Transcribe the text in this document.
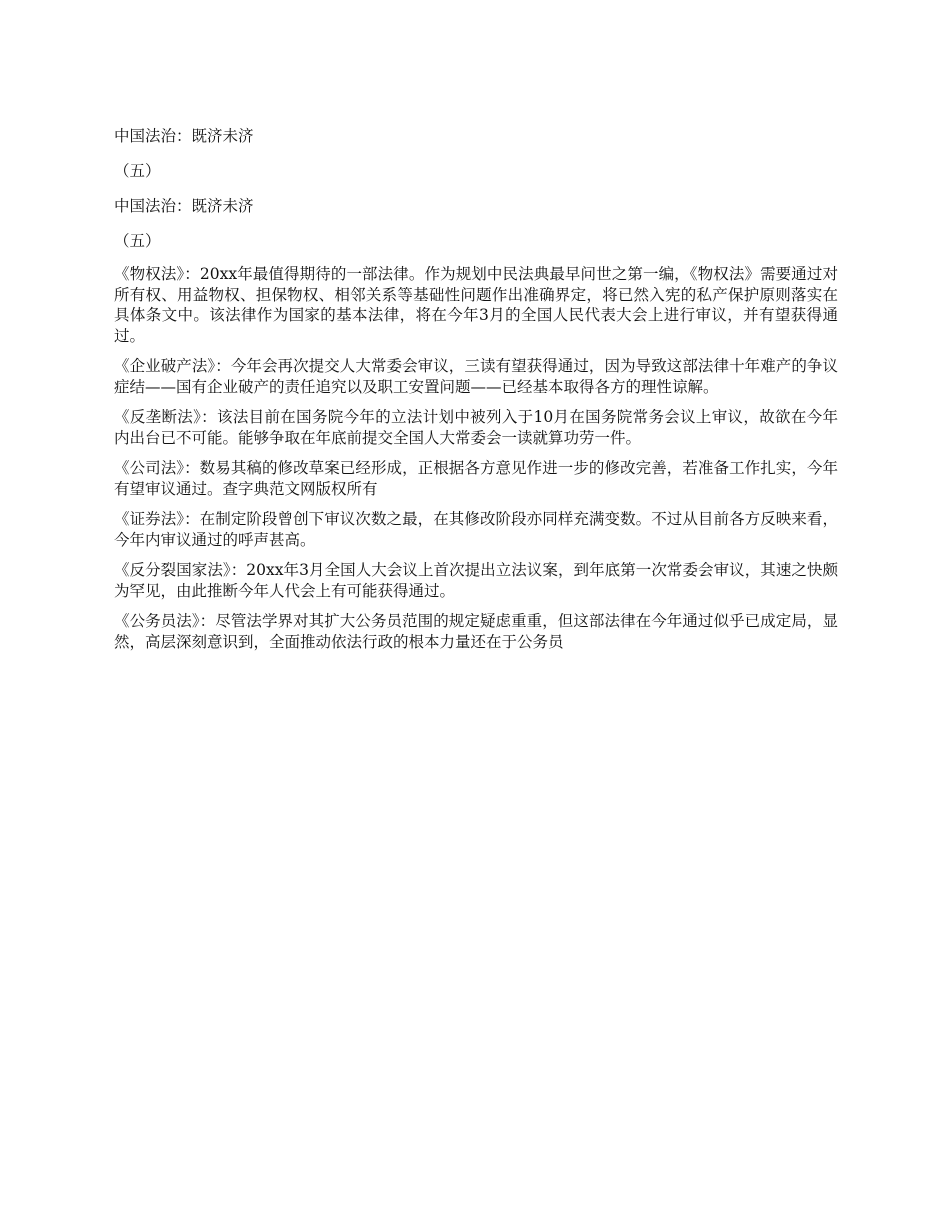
中国法治：既济未济

（五）

中国法治：既济未济

（五）

《物权法》：20xx年最值得期待的一部法律。作为规划中民法典最早问世之第一编，《物权法》需要通过对所有权、用益物权、担保物权、相邻关系等基础性问题作出准确界定，将已然入宪的私产保护原则落实在具体条文中。该法律作为国家的基本法律，将在今年3月的全国人民代表大会上进行审议，并有望获得通过。

《企业破产法》：今年会再次提交人大常委会审议，三读有望获得通过，因为导致这部法律十年难产的争议症结——国有企业破产的责任追究以及职工安置问题——已经基本取得各方的理性谅解。

《反垄断法》：该法目前在国务院今年的立法计划中被列入于10月在国务院常务会议上审议，故欲在今年内出台已不可能。能够争取在年底前提交全国人大常委会一读就算功劳一件。

《公司法》：数易其稿的修改草案已经形成，正根据各方意见作进一步的修改完善，若准备工作扎实，今年有望审议通过。查字典范文网版权所有

《证券法》：在制定阶段曾创下审议次数之最，在其修改阶段亦同样充满变数。不过从目前各方反映来看，今年内审议通过的呼声甚高。

《反分裂国家法》：20xx年3月全国人大会议上首次提出立法议案，到年底第一次常委会审议，其速之快颇为罕见，由此推断今年人代会上有可能获得通过。

《公务员法》：尽管法学界对其扩大公务员范围的规定疑虑重重，但这部法律在今年通过似乎已成定局，显然，高层深刻意识到，全面推动依法行政的根本力量还在于公务员
